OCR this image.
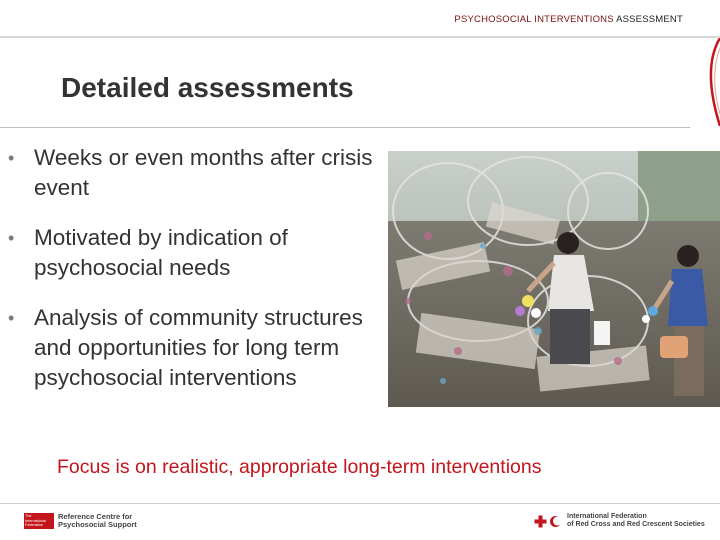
PSYCHOSOCIAL INTERVENTIONS ASSESSMENT
Detailed assessments
• Weeks or even months after crisis event
• Motivated by indication of psychosocial needs
• Analysis of community structures and opportunities for long term psychosocial interventions
Focus is on realistic, appropriate long-term interventions
The International Federation
Reference Centre for
Psychosocial Support
International Federation
of Red Cross and Red Crescent Societies
